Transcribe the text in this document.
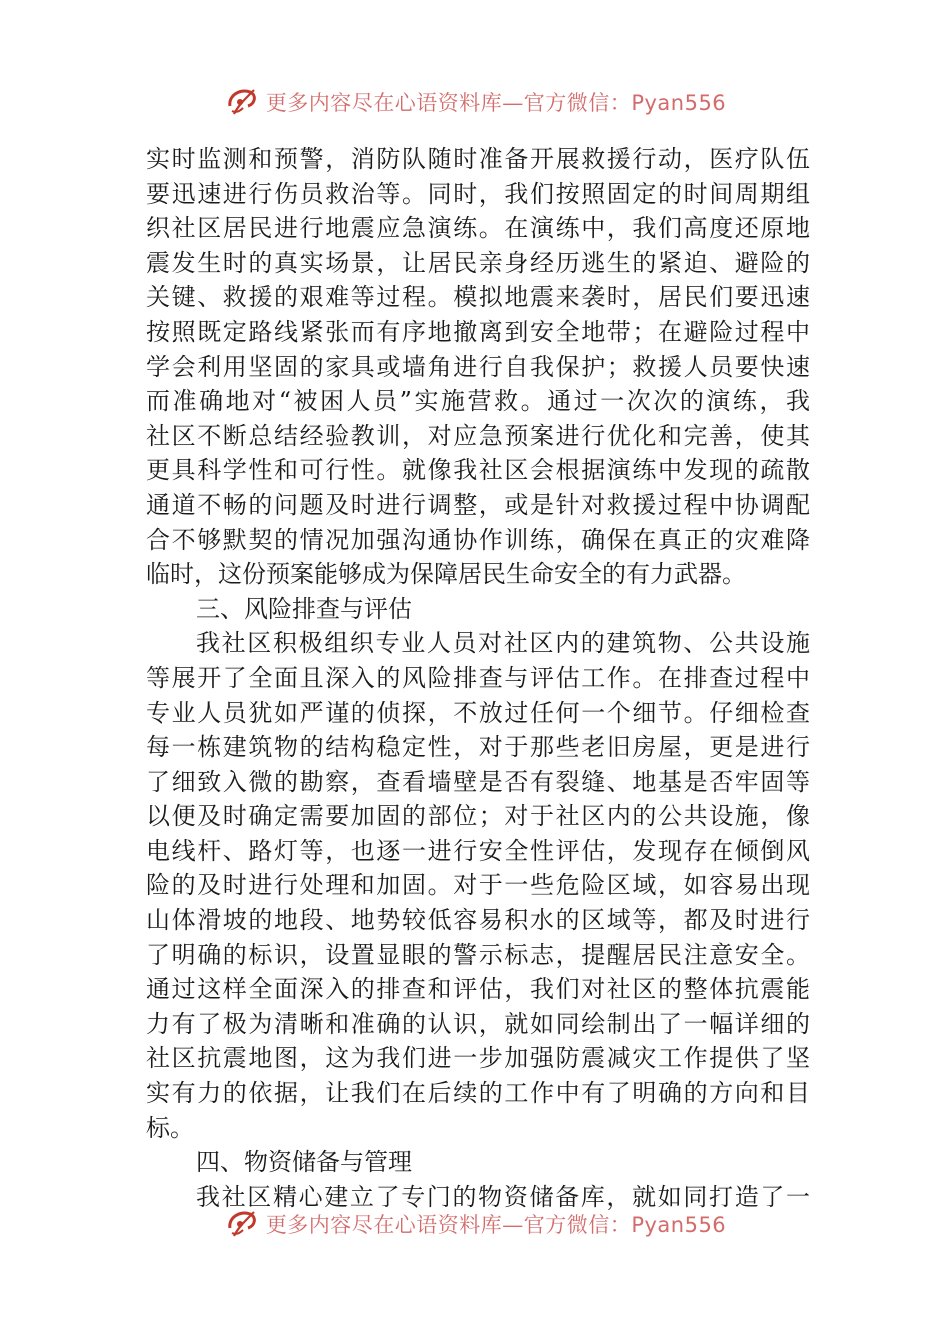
更多内容尽在心语资料库—官方微信：Pyan556
实时监测和预警，消防队随时准备开展救援行动，医疗队伍
要迅速进行伤员救治等。同时，我们按照固定的时间周期组
织社区居民进行地震应急演练。在演练中，我们高度还原地
震发生时的真实场景，让居民亲身经历逃生的紧迫、避险的
关键、救援的艰难等过程。模拟地震来袭时，居民们要迅速
按照既定路线紧张而有序地撤离到安全地带；在避险过程中
学会利用坚固的家具或墙角进行自我保护；救援人员要快速
而准确地对“被困人员”实施营救。通过一次次的演练，我
社区不断总结经验教训，对应急预案进行优化和完善，使其
更具科学性和可行性。就像我社区会根据演练中发现的疏散
通道不畅的问题及时进行调整，或是针对救援过程中协调配
合不够默契的情况加强沟通协作训练，确保在真正的灾难降
临时，这份预案能够成为保障居民生命安全的有力武器。
三、风险排查与评估
我社区积极组织专业人员对社区内的建筑物、公共设施
等展开了全面且深入的风险排查与评估工作。在排查过程中
专业人员犹如严谨的侦探，不放过任何一个细节。仔细检查
每一栋建筑物的结构稳定性，对于那些老旧房屋，更是进行
了细致入微的勘察，查看墙壁是否有裂缝、地基是否牢固等
以便及时确定需要加固的部位；对于社区内的公共设施，像
电线杆、路灯等，也逐一进行安全性评估，发现存在倾倒风
险的及时进行处理和加固。对于一些危险区域，如容易出现
山体滑坡的地段、地势较低容易积水的区域等，都及时进行
了明确的标识，设置显眼的警示标志，提醒居民注意安全。
通过这样全面深入的排查和评估，我们对社区的整体抗震能
力有了极为清晰和准确的认识，就如同绘制出了一幅详细的
社区抗震地图，这为我们进一步加强防震减灾工作提供了坚
实有力的依据，让我们在后续的工作中有了明确的方向和目
标。
四、物资储备与管理
我社区精心建立了专门的物资储备库，就如同打造了一
更多内容尽在心语资料库—官方微信：Pyan556
